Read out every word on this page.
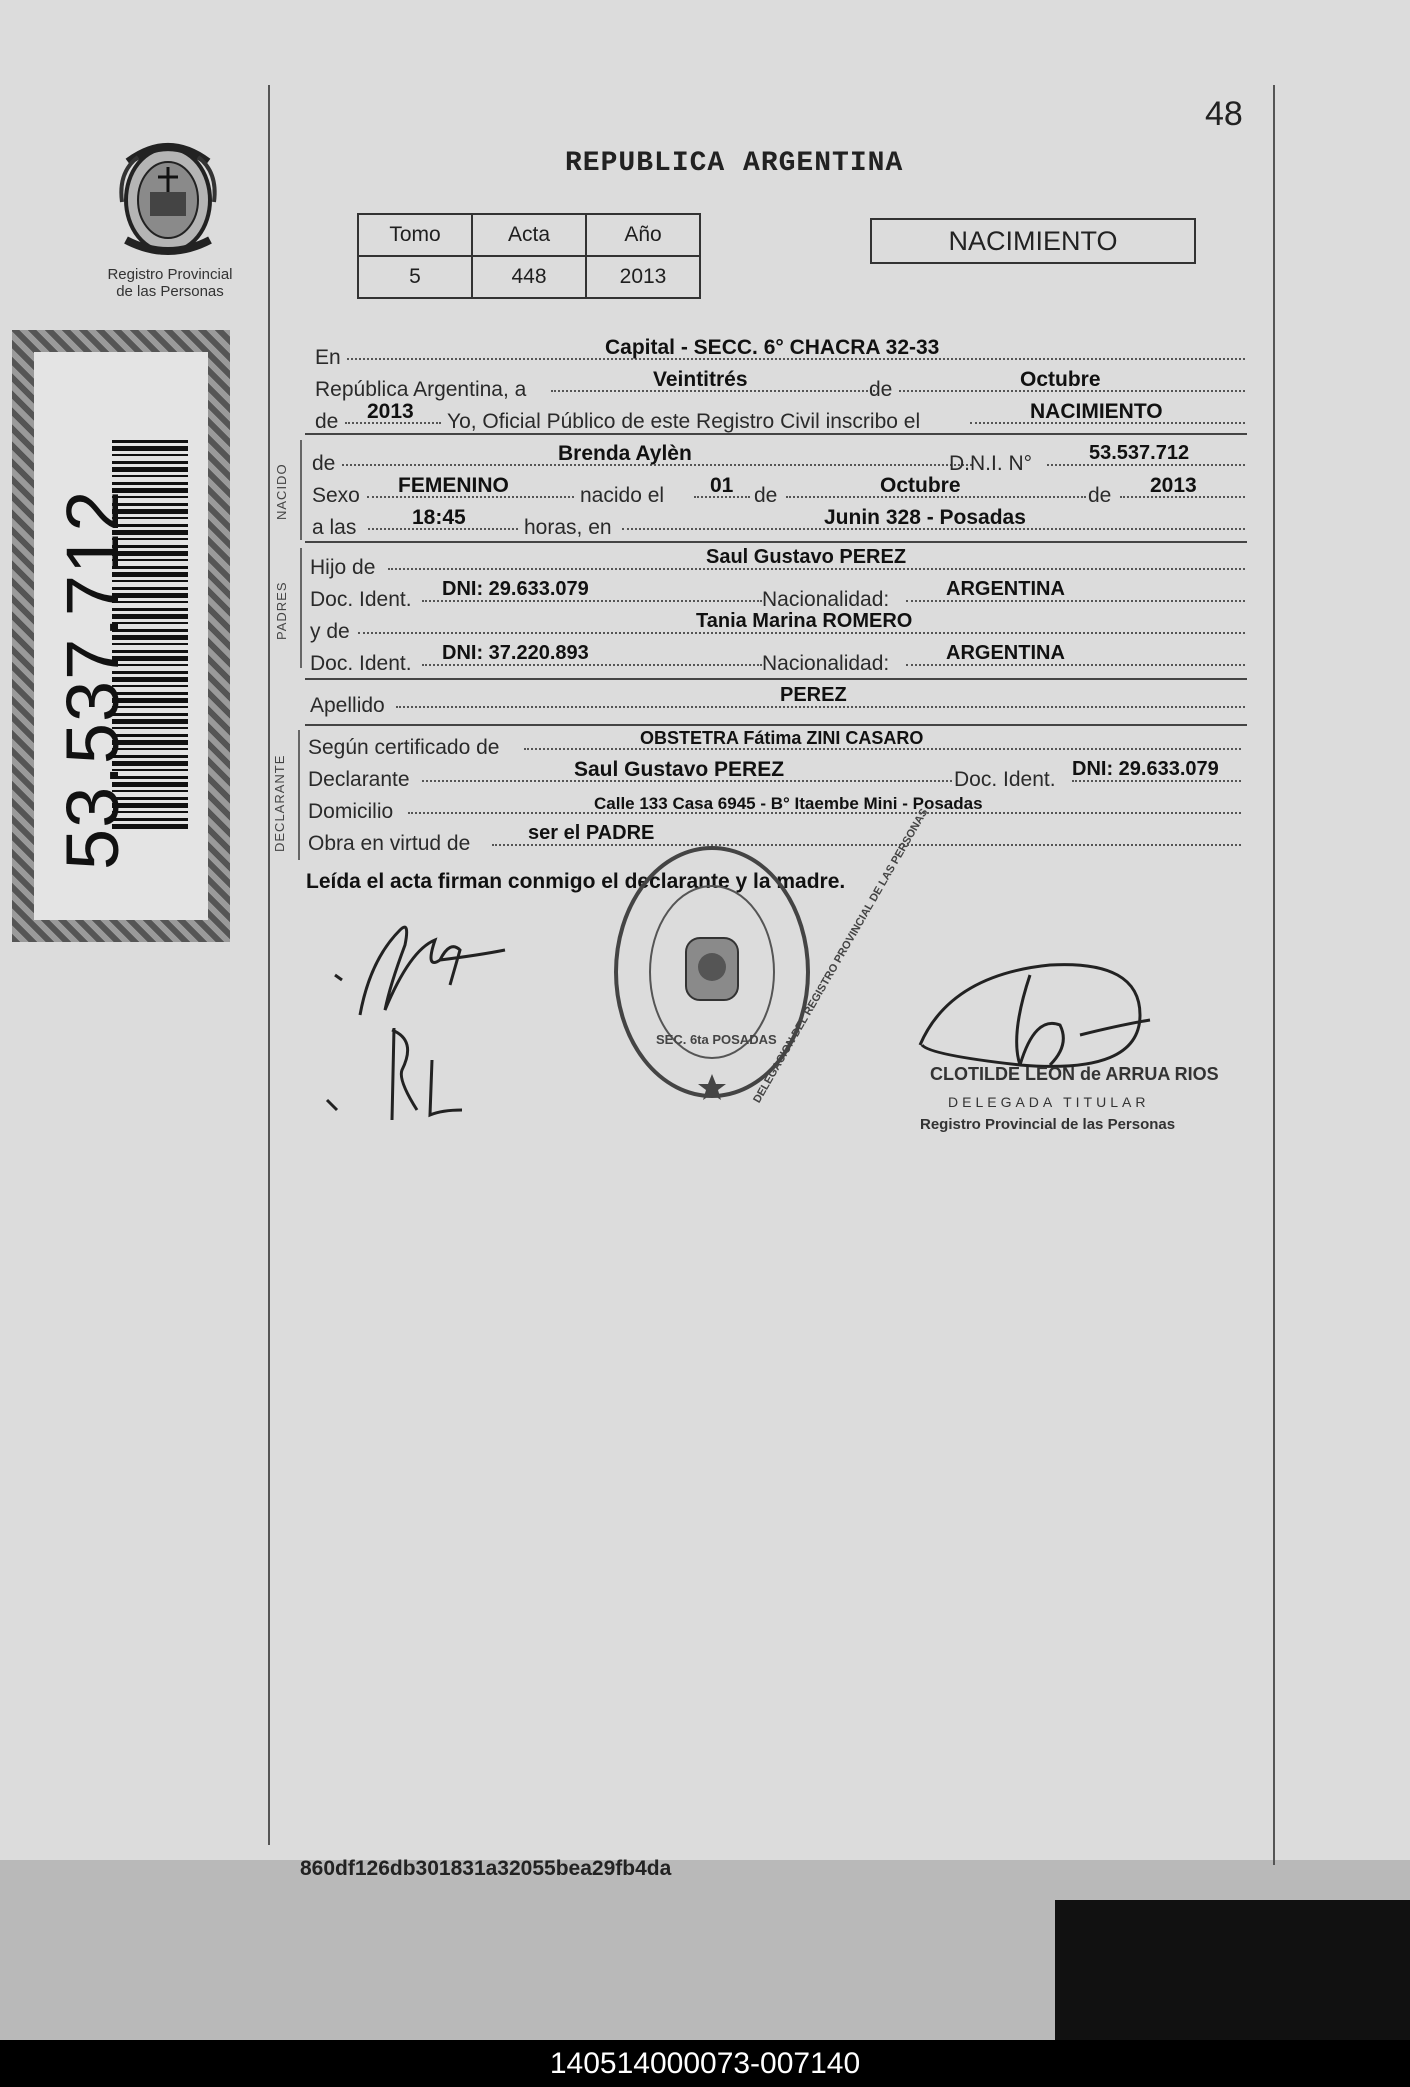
48
Registro Provincial
de las Personas
53.537.712
REPUBLICA ARGENTINA
Tomo	Acta	Año
5	448	2013
NACIMIENTO
En	Capital - SECC. 6° CHACRA 32-33
República Argentina, a	Veintitrés	de	Octubre
de 2013 Yo, Oficial Público de este Registro Civil inscribo el	NACIMIENTO
NACIDO de	Brenda Aylèn	D.N.I. N°	53.537.712
Sexo FEMENINO	nacido el 01 de	Octubre	de 2013
a las	18:45	horas, en	Junin 328 - Posadas
PADRES
Hijo de	Saul Gustavo PEREZ
Doc. Ident. DNI: 29.633.079	Nacionalidad:	ARGENTINA
y de	Tania Marina ROMERO
Doc. Ident. DNI: 37.220.893	Nacionalidad:	ARGENTINA
Apellido	PEREZ
DECLARANTE
Según certificado de	OBSTETRA Fátima ZINI CASARO
Declarante	Saul Gustavo PEREZ	Doc. Ident. DNI: 29.633.079
Domicilio	Calle 133 Casa 6945 - B° Itaembe Mini - Posadas
Obra en virtud de	ser el PADRE
Leída el acta firman conmigo el declarante y la madre.
DELEGACION DEL REGISTRO PROVINCIAL DE LAS PERSONAS
SEC. 6ta POSADAS
CLOTILDE LEON de ARRUA RIOS
DELEGADA TITULAR
Registro Provincial de las Personas
860df126db301831a32055bea29fb4da
140514000073-007140
